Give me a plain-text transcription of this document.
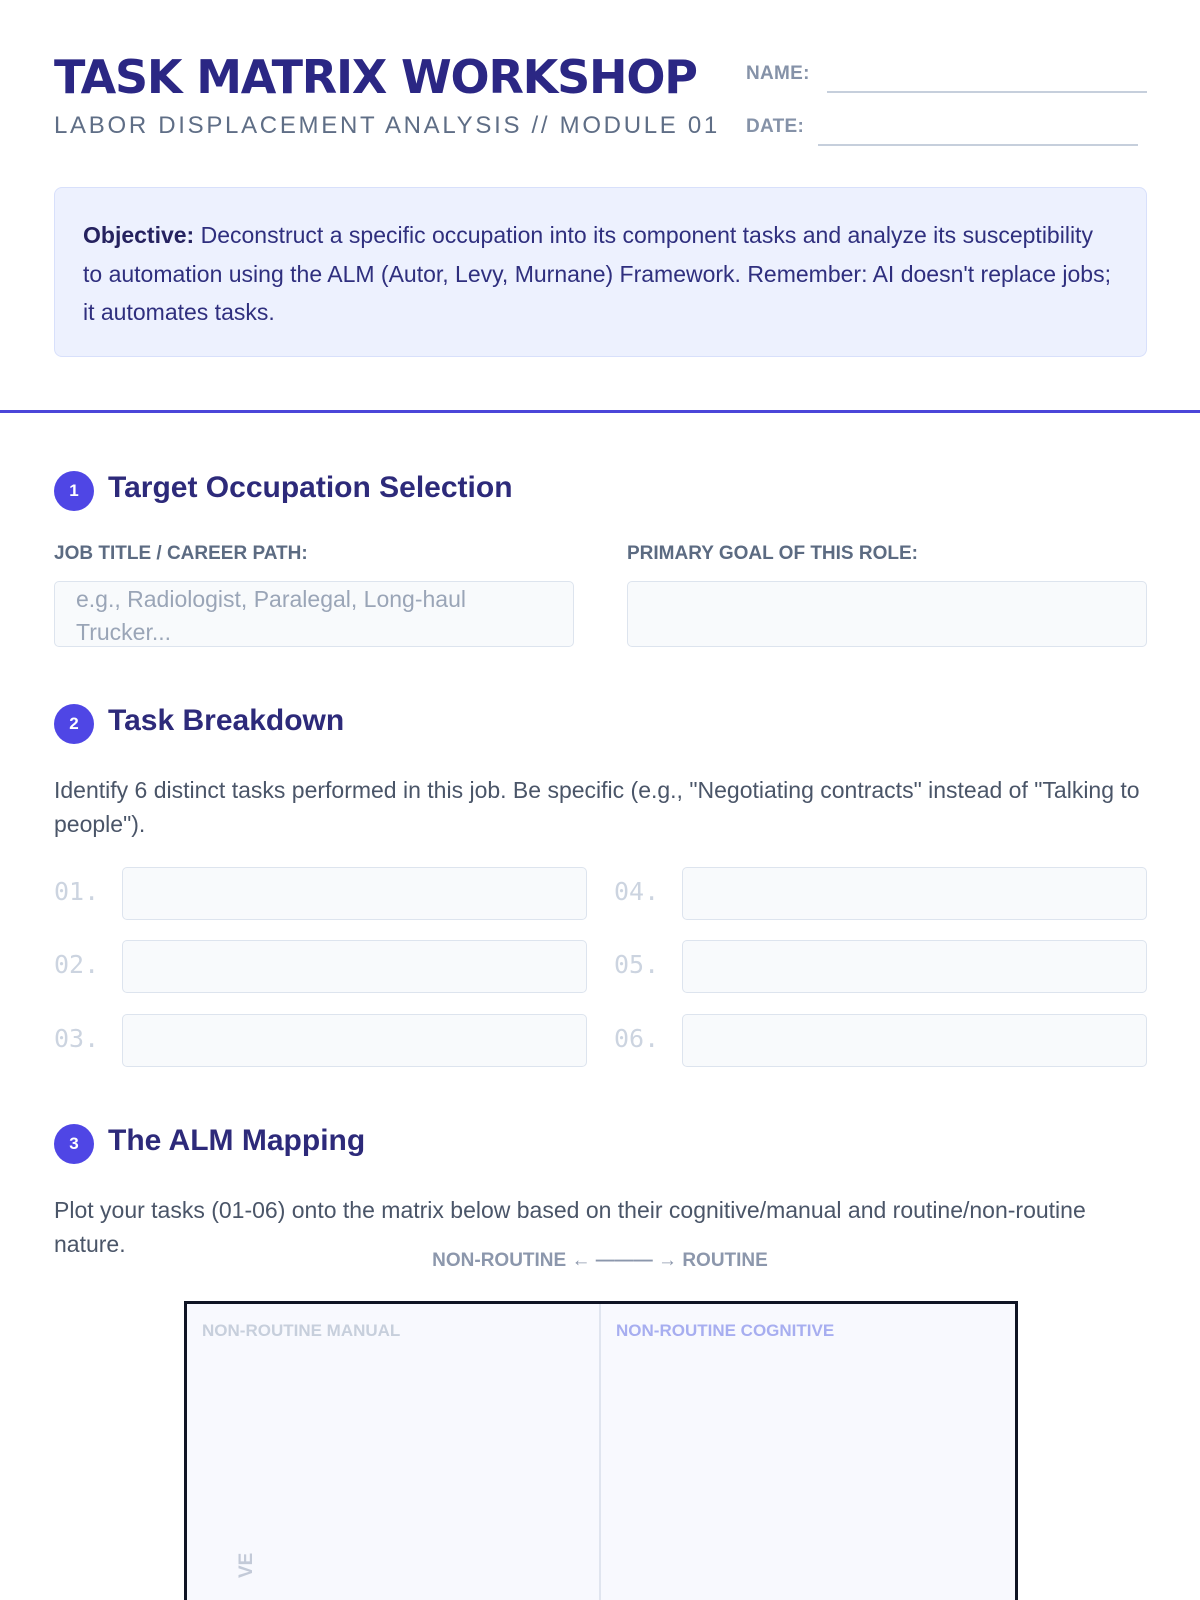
TASK MATRIX WORKSHOP
LABOR DISPLACEMENT ANALYSIS // MODULE 01
NAME:
DATE:
Objective: Deconstruct a specific occupation into its component tasks and analyze its susceptibility to automation using the ALM (Autor, Levy, Murnane) Framework. Remember: AI doesn't replace jobs; it automates tasks.
1 Target Occupation Selection
JOB TITLE / CAREER PATH:
e.g., Radiologist, Paralegal, Long-haul Trucker...
PRIMARY GOAL OF THIS ROLE:
2 Task Breakdown
Identify 6 distinct tasks performed in this job. Be specific (e.g., "Negotiating contracts" instead of "Talking to people").
01.
02.
03.
04.
05.
06.
3 The ALM Mapping
Plot your tasks (01-06) onto the matrix below based on their cognitive/manual and routine/non-routine nature.
NON-ROUTINE ← ——— → ROUTINE
NON-ROUTINE MANUAL	NON-ROUTINE COGNITIVE
VE
